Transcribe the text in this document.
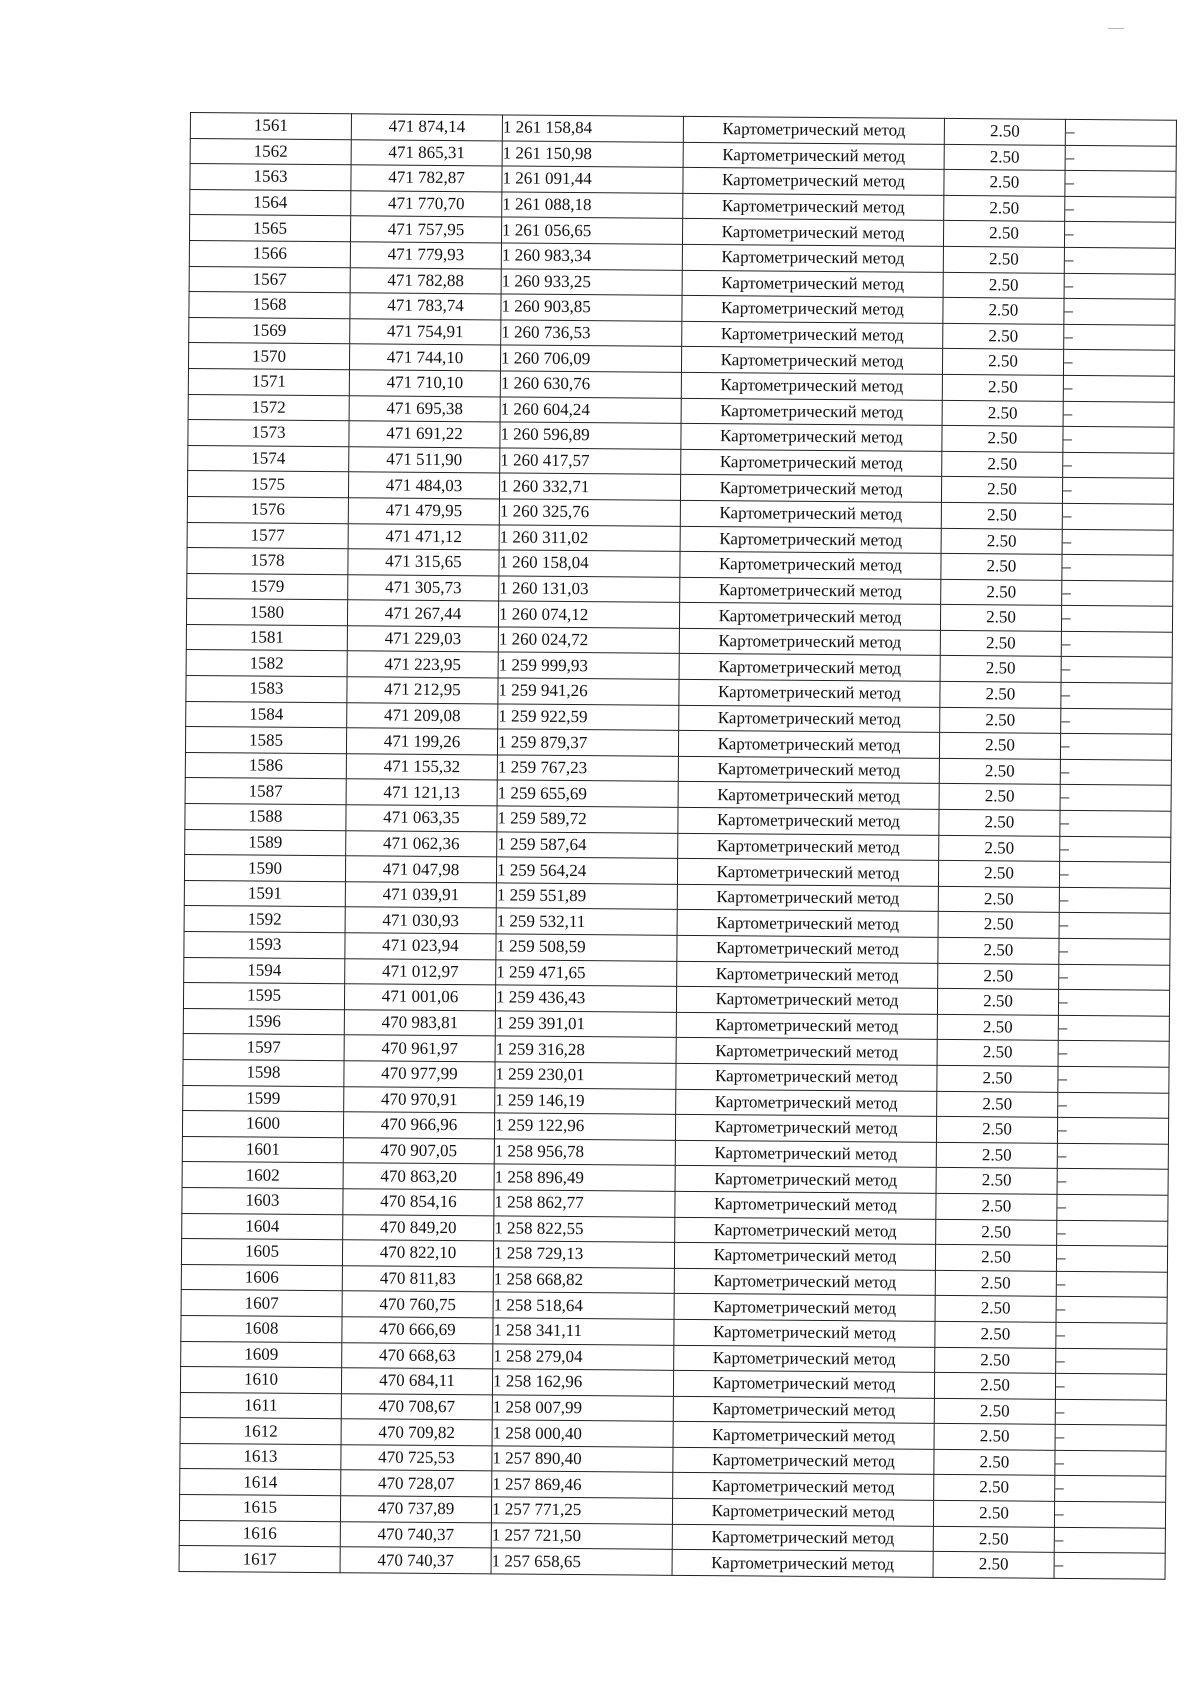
1561	471 874,14	1 261 158,84	Картометрический метод	2.50	–
1562	471 865,31	1 261 150,98	Картометрический метод	2.50	–
1563	471 782,87	1 261 091,44	Картометрический метод	2.50	–
1564	471 770,70	1 261 088,18	Картометрический метод	2.50	–
1565	471 757,95	1 261 056,65	Картометрический метод	2.50	–
1566	471 779,93	1 260 983,34	Картометрический метод	2.50	–
1567	471 782,88	1 260 933,25	Картометрический метод	2.50	–
1568	471 783,74	1 260 903,85	Картометрический метод	2.50	–
1569	471 754,91	1 260 736,53	Картометрический метод	2.50	–
1570	471 744,10	1 260 706,09	Картометрический метод	2.50	–
1571	471 710,10	1 260 630,76	Картометрический метод	2.50	–
1572	471 695,38	1 260 604,24	Картометрический метод	2.50	–
1573	471 691,22	1 260 596,89	Картометрический метод	2.50	–
1574	471 511,90	1 260 417,57	Картометрический метод	2.50	–
1575	471 484,03	1 260 332,71	Картометрический метод	2.50	–
1576	471 479,95	1 260 325,76	Картометрический метод	2.50	–
1577	471 471,12	1 260 311,02	Картометрический метод	2.50	–
1578	471 315,65	1 260 158,04	Картометрический метод	2.50	–
1579	471 305,73	1 260 131,03	Картометрический метод	2.50	–
1580	471 267,44	1 260 074,12	Картометрический метод	2.50	–
1581	471 229,03	1 260 024,72	Картометрический метод	2.50	–
1582	471 223,95	1 259 999,93	Картометрический метод	2.50	–
1583	471 212,95	1 259 941,26	Картометрический метод	2.50	–
1584	471 209,08	1 259 922,59	Картометрический метод	2.50	–
1585	471 199,26	1 259 879,37	Картометрический метод	2.50	–
1586	471 155,32	1 259 767,23	Картометрический метод	2.50	–
1587	471 121,13	1 259 655,69	Картометрический метод	2.50	–
1588	471 063,35	1 259 589,72	Картометрический метод	2.50	–
1589	471 062,36	1 259 587,64	Картометрический метод	2.50	–
1590	471 047,98	1 259 564,24	Картометрический метод	2.50	–
1591	471 039,91	1 259 551,89	Картометрический метод	2.50	–
1592	471 030,93	1 259 532,11	Картометрический метод	2.50	–
1593	471 023,94	1 259 508,59	Картометрический метод	2.50	–
1594	471 012,97	1 259 471,65	Картометрический метод	2.50	–
1595	471 001,06	1 259 436,43	Картометрический метод	2.50	–
1596	470 983,81	1 259 391,01	Картометрический метод	2.50	–
1597	470 961,97	1 259 316,28	Картометрический метод	2.50	–
1598	470 977,99	1 259 230,01	Картометрический метод	2.50	–
1599	470 970,91	1 259 146,19	Картометрический метод	2.50	–
1600	470 966,96	1 259 122,96	Картометрический метод	2.50	–
1601	470 907,05	1 258 956,78	Картометрический метод	2.50	–
1602	470 863,20	1 258 896,49	Картометрический метод	2.50	–
1603	470 854,16	1 258 862,77	Картометрический метод	2.50	–
1604	470 849,20	1 258 822,55	Картометрический метод	2.50	–
1605	470 822,10	1 258 729,13	Картометрический метод	2.50	–
1606	470 811,83	1 258 668,82	Картометрический метод	2.50	–
1607	470 760,75	1 258 518,64	Картометрический метод	2.50	–
1608	470 666,69	1 258 341,11	Картометрический метод	2.50	–
1609	470 668,63	1 258 279,04	Картометрический метод	2.50	–
1610	470 684,11	1 258 162,96	Картометрический метод	2.50	–
1611	470 708,67	1 258 007,99	Картометрический метод	2.50	–
1612	470 709,82	1 258 000,40	Картометрический метод	2.50	–
1613	470 725,53	1 257 890,40	Картометрический метод	2.50	–
1614	470 728,07	1 257 869,46	Картометрический метод	2.50	–
1615	470 737,89	1 257 771,25	Картометрический метод	2.50	–
1616	470 740,37	1 257 721,50	Картометрический метод	2.50	–
1617	470 740,37	1 257 658,65	Картометрический метод	2.50	–
